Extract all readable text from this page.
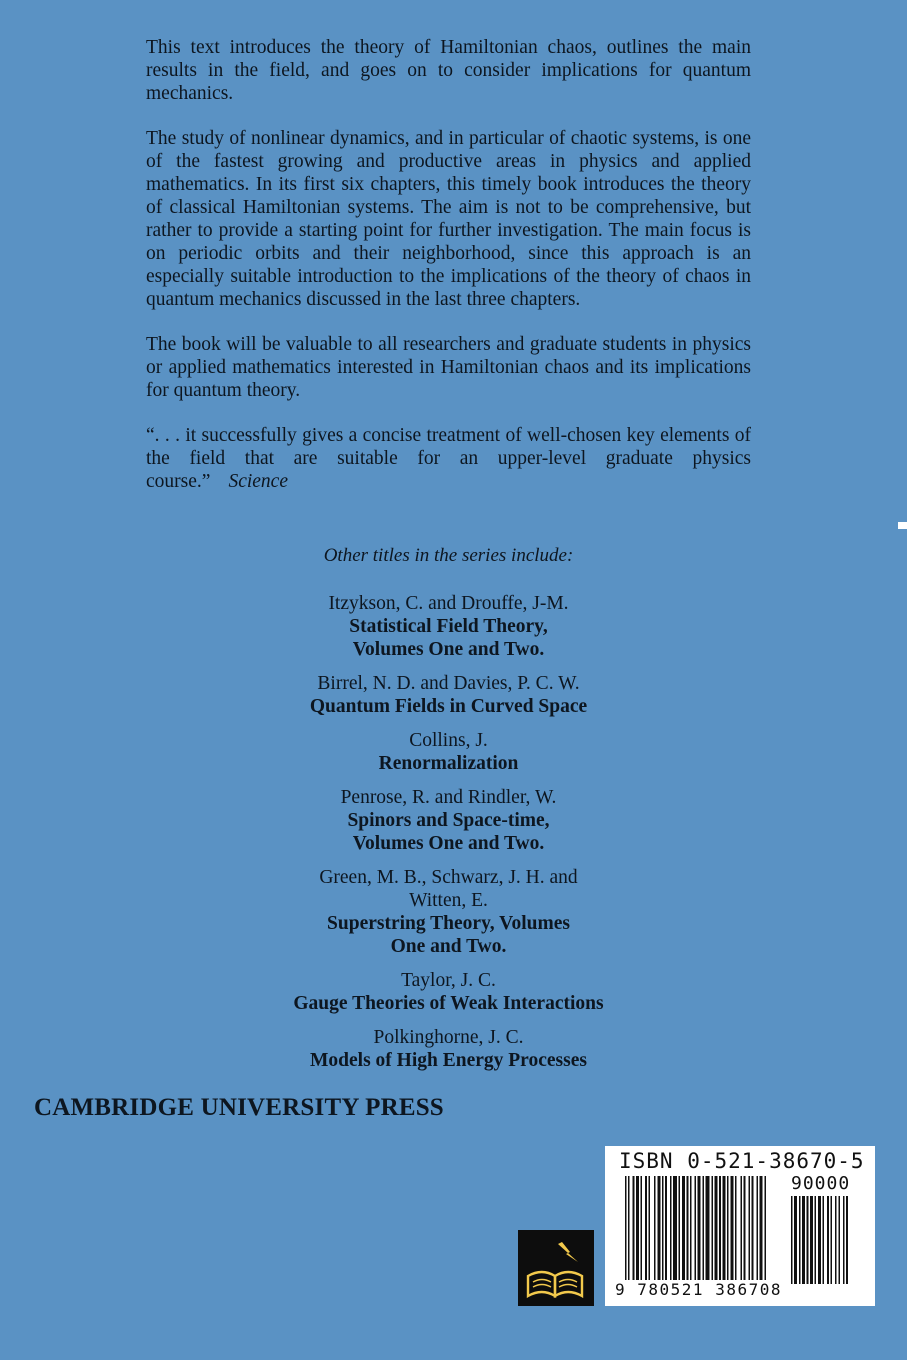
This text introduces the theory of Hamiltonian chaos, outlines the main results in the field, and goes on to consider implications for quantum mechanics.

The study of nonlinear dynamics, and in particular of chaotic systems, is one of the fastest growing and productive areas in physics and applied mathematics. In its first six chapters, this timely book introduces the theory of classical Hamiltonian systems. The aim is not to be comprehensive, but rather to provide a starting point for further investigation. The main focus is on periodic orbits and their neighborhood, since this approach is an especially suitable introduction to the implications of the theory of chaos in quantum mechanics discussed in the last three chapters.

The book will be valuable to all researchers and graduate students in physics or applied mathematics interested in Hamiltonian chaos and its implications for quantum theory.

“. . . it successfully gives a concise treatment of well-chosen key elements of the field that are suitable for an upper-level graduate physics course.” Science

Other titles in the series include:
Itzykson, C. and Drouffe, J-M.
Statistical Field Theory,
Volumes One and Two.
Birrel, N. D. and Davies, P. C. W.
Quantum Fields in Curved Space
Collins, J.
Renormalization
Penrose, R. and Rindler, W.
Spinors and Space-time,
Volumes One and Two.
Green, M. B., Schwarz, J. H. and
Witten, E.
Superstring Theory, Volumes
One and Two.
Taylor, J. C.
Gauge Theories of Weak Interactions
Polkinghorne, J. C.
Models of High Energy Processes
CAMBRIDGE UNIVERSITY PRESS
ISBN 0-521-38670-5
90000
9 780521 386708
